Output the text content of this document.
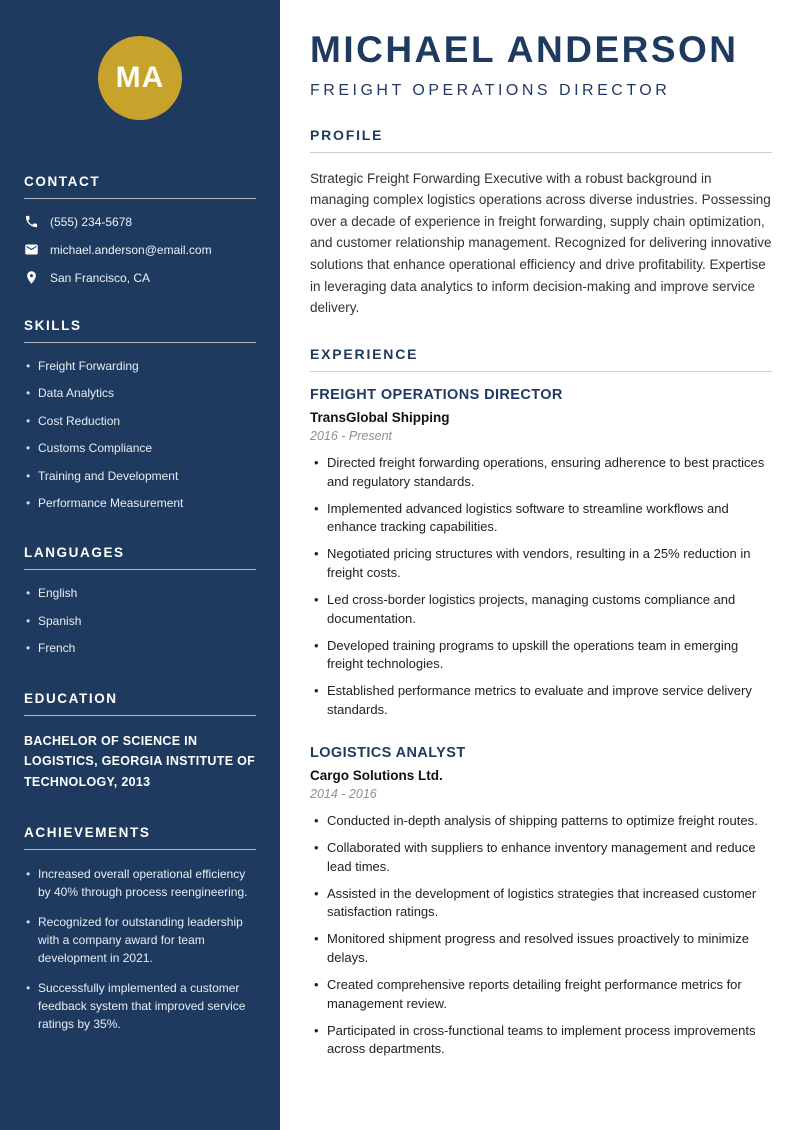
MA
CONTACT
(555) 234-5678
michael.anderson@email.com
San Francisco, CA
SKILLS
• Freight Forwarding
• Data Analytics
• Cost Reduction
• Customs Compliance
• Training and Development
• Performance Measurement
LANGUAGES
• English
• Spanish
• French
EDUCATION
BACHELOR OF SCIENCE IN LOGISTICS, GEORGIA INSTITUTE OF TECHNOLOGY, 2013
ACHIEVEMENTS
• Increased overall operational efficiency by 40% through process reengineering.
• Recognized for outstanding leadership with a company award for team development in 2021.
• Successfully implemented a customer feedback system that improved service ratings by 35%.
MICHAEL ANDERSON
FREIGHT OPERATIONS DIRECTOR
PROFILE

Strategic Freight Forwarding Executive with a robust background in managing complex logistics operations across diverse industries. Possessing over a decade of experience in freight forwarding, supply chain optimization, and customer relationship management. Recognized for delivering innovative solutions that enhance operational efficiency and drive profitability. Expertise in leveraging data analytics to inform decision-making and improve service delivery.

EXPERIENCE
FREIGHT OPERATIONS DIRECTOR
TransGlobal Shipping
2016 - Present
• Directed freight forwarding operations, ensuring adherence to best practices and regulatory standards.
• Implemented advanced logistics software to streamline workflows and enhance tracking capabilities.
• Negotiated pricing structures with vendors, resulting in a 25% reduction in freight costs.
• Led cross-border logistics projects, managing customs compliance and documentation.
• Developed training programs to upskill the operations team in emerging freight technologies.
• Established performance metrics to evaluate and improve service delivery standards.
LOGISTICS ANALYST
Cargo Solutions Ltd.
2014 - 2016
• Conducted in-depth analysis of shipping patterns to optimize freight routes.
• Collaborated with suppliers to enhance inventory management and reduce lead times.
• Assisted in the development of logistics strategies that increased customer satisfaction ratings.
• Monitored shipment progress and resolved issues proactively to minimize delays.
• Created comprehensive reports detailing freight performance metrics for management review.
• Participated in cross-functional teams to implement process improvements across departments.
